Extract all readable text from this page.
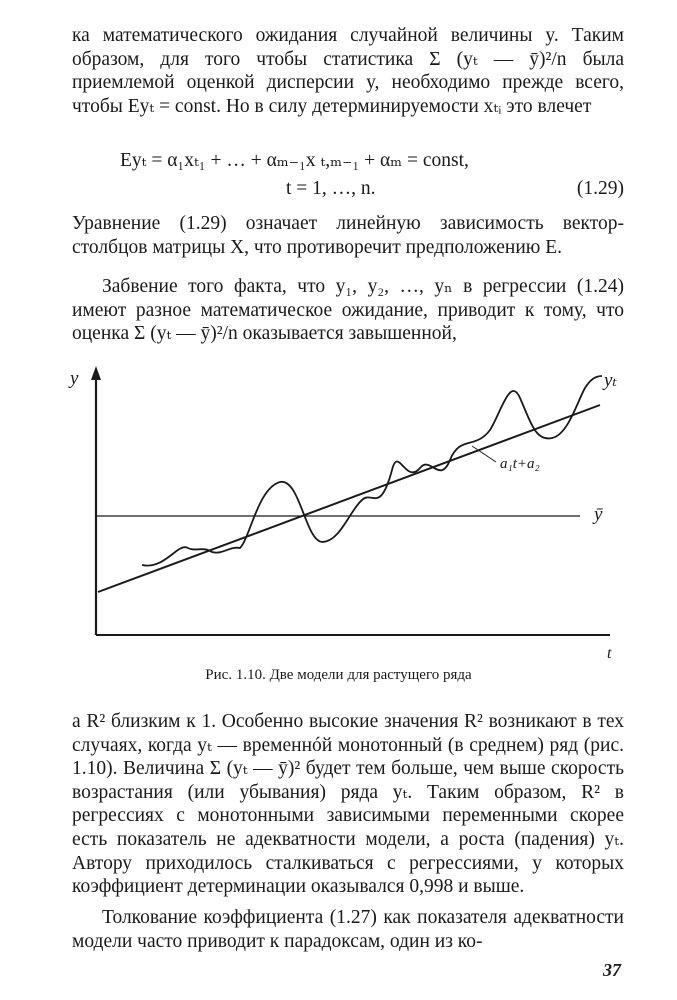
ка математического ожидания случайной величины y. Таким образом, для того чтобы статистика Σ (yₜ — ȳ)²/n была приемлемой оценкой дисперсии y, необходимо прежде всего, чтобы Eyₜ = const. Но в силу детерминируемости xₜᵢ это влечет

Eyₜ = α₁xₜ₁ + … + αₘ₋₁x ₜ,ₘ₋₁ + αₘ = const,
t = 1, …, n.	(1.29)

Уравнение (1.29) означает линейную зависимость вектор-столбцов матрицы X, что противоречит предположению E.

Забвение того факта, что y₁, y₂, …, yₙ в регрессии (1.24) имеют разное математическое ожидание, приводит к тому, что оценка Σ (yₜ — ȳ)²/n оказывается завышенной,

y
t
ȳ
a₁t+a₂
yₜ
Рис. 1.10. Две модели для растущего ряда

а R² близким к 1. Особенно высокие значения R² возникают в тех случаях, когда yₜ — временнóй монотонный (в среднем) ряд (рис. 1.10). Величина Σ (yₜ — ȳ)² будет тем больше, чем выше скорость возрастания (или убывания) ряда yₜ. Таким образом, R² в регрессиях с монотонными зависимыми переменными скорее есть показатель не адекватности модели, а роста (падения) yₜ. Автору приходилось сталкиваться с регрессиями, у которых коэффициент детерминации оказывался 0,998 и выше.

Толкование коэффициента (1.27) как показателя адекватности модели часто приводит к парадоксам, один из ко-

37
